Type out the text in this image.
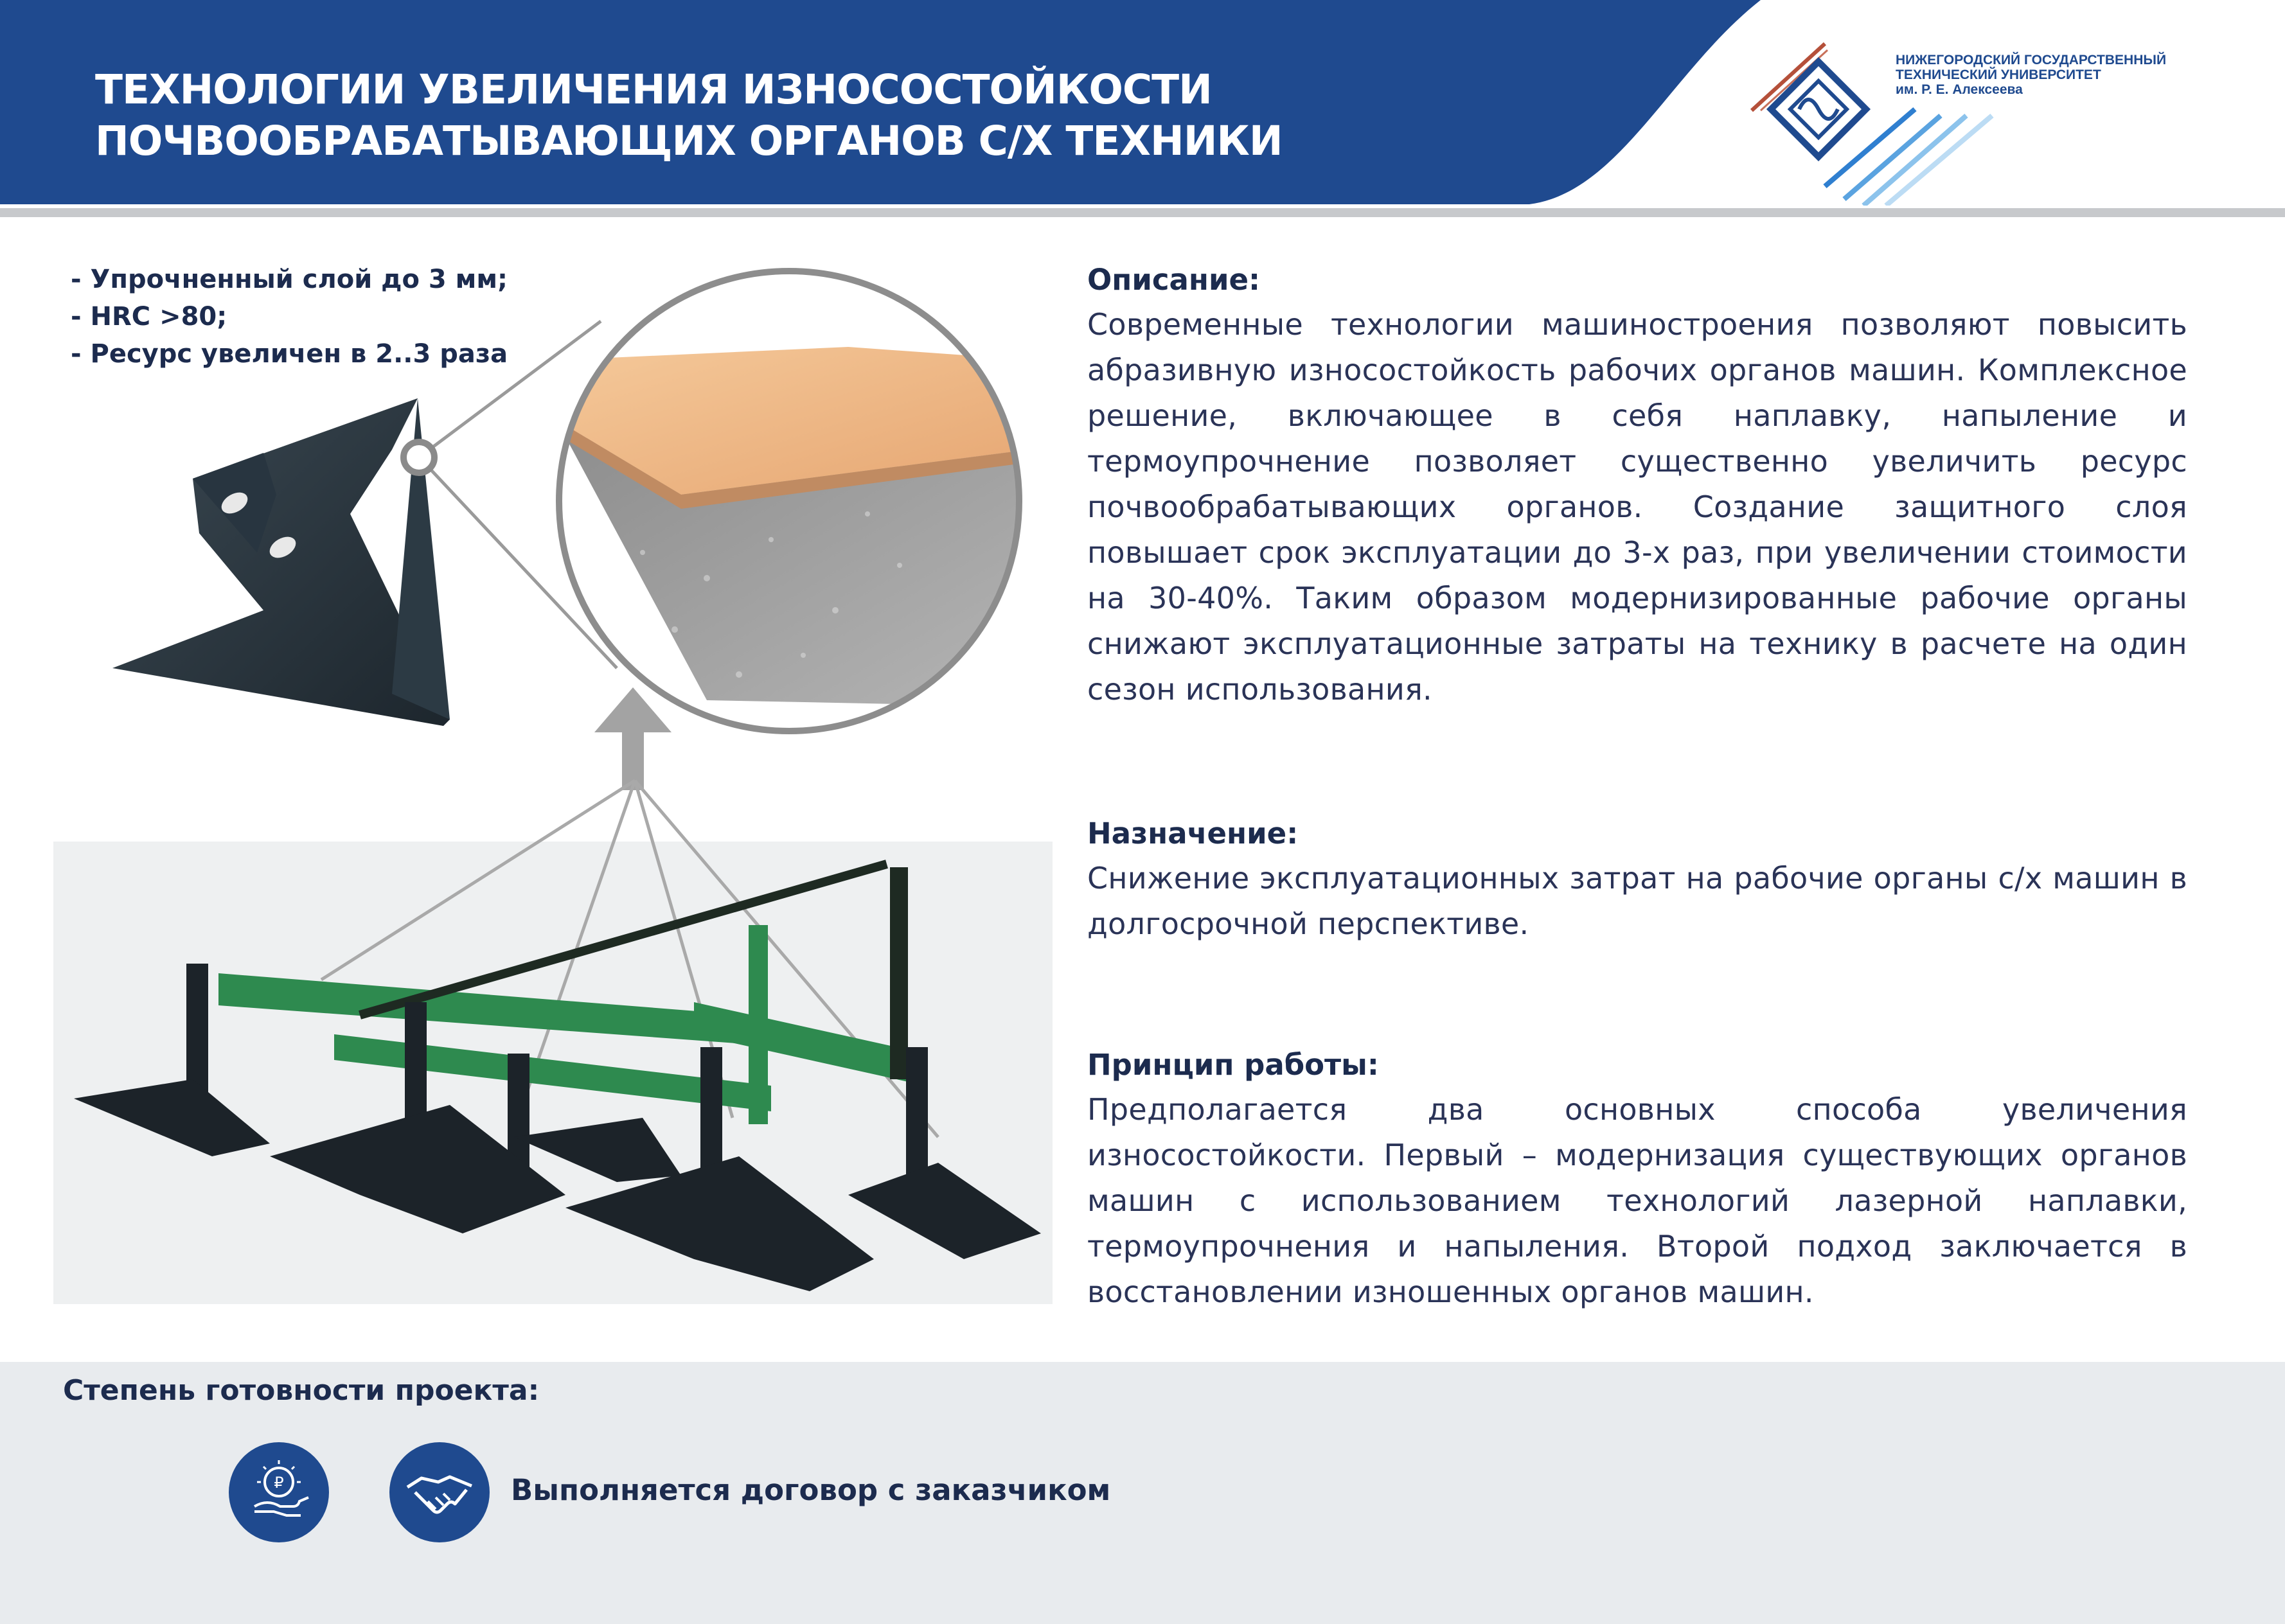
ТЕХНОЛОГИИ УВЕЛИЧЕНИЯ ИЗНОСОСТОЙКОСТИ
ПОЧВООБРАБАТЫВАЮЩИХ ОРГАНОВ С/Х ТЕХНИКИ
НИЖЕГОРОДСКИЙ ГОСУДАРСТВЕННЫЙ
ТЕХНИЧЕСКИЙ УНИВЕРСИТЕТ
им. Р. Е. Алексеева
- Упрочненный слой до 3 мм;
- HRC >80;
- Ресурс увеличен в 2..3 раза
Описание:

Современные технологии машиностроения позволяют повысить абразивную износостойкость рабочих органов машин. Комплексное решение, включающее в себя наплавку, напыление и термоупрочнение позволяет существенно увеличить ресурс почвообрабатывающих органов. Создание защитного слоя повышает срок эксплуатации до 3-х раз, при увеличении стоимости на 30-40%. Таким образом модернизированные рабочие органы снижают эксплуатационные затраты на технику в расчете на один сезон использования.

Назначение:

Снижение эксплуатационных затрат на рабочие органы с/х машин в долгосрочной перспективе.

Принцип работы:

Предполагается два основных способа увеличения износостойкости. Первый – модернизация существующих органов машин с использованием технологий лазерной наплавки, термоупрочнения и напыления. Второй подход заключается в восстановлении изношенных органов машин.

Степень готовности проекта:
₽	Выполняется договор с заказчиком
